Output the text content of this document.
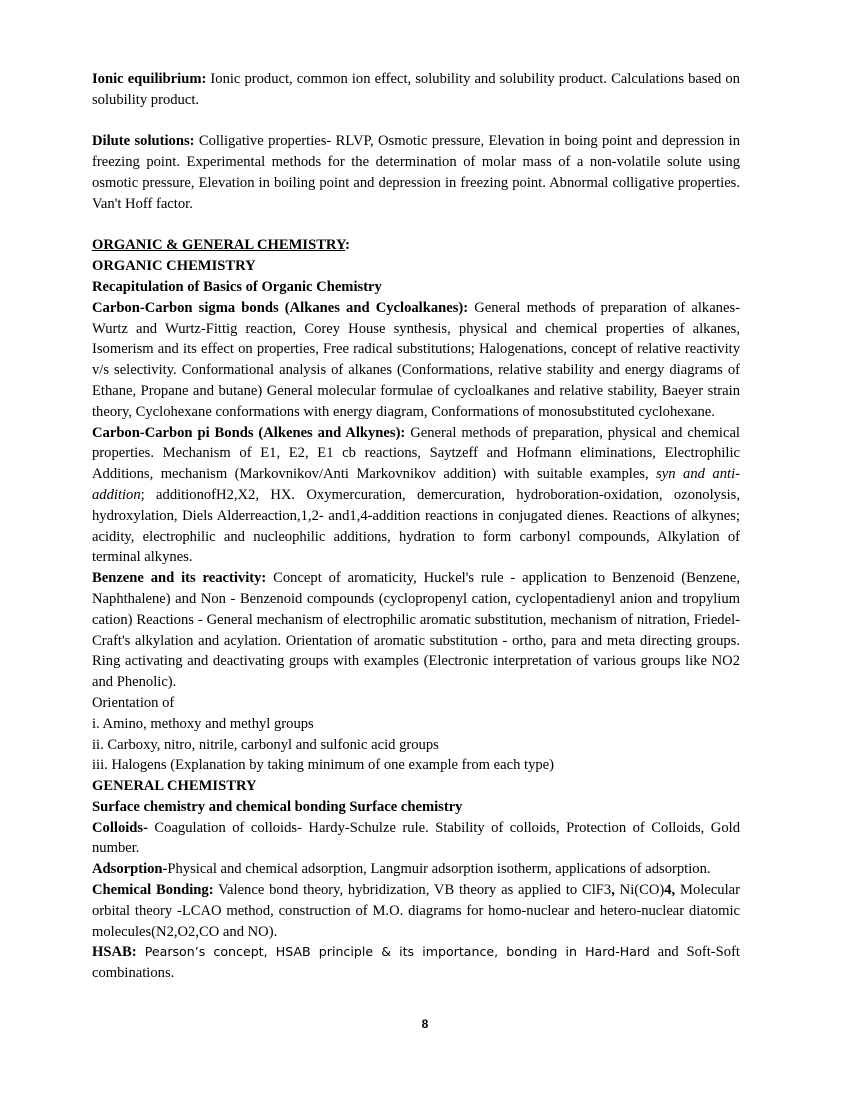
Ionic equilibrium: Ionic product, common ion effect, solubility and solubility product. Calculations based on solubility product.

Dilute solutions: Colligative properties- RLVP, Osmotic pressure, Elevation in boing point and depression in freezing point. Experimental methods for the determination of molar mass of a non-volatile solute using osmotic pressure, Elevation in boiling point and depression in freezing point. Abnormal colligative properties. Van't Hoff factor.

ORGANIC & GENERAL CHEMISTRY:

ORGANIC CHEMISTRY

Recapitulation of Basics of Organic Chemistry

Carbon-Carbon sigma bonds (Alkanes and Cycloalkanes): General methods of preparation of alkanes- Wurtz and Wurtz-Fittig reaction, Corey House synthesis, physical and chemical properties of alkanes, Isomerism and its effect on properties, Free radical substitutions; Halogenations, concept of relative reactivity v/s selectivity. Conformational analysis of alkanes (Conformations, relative stability and energy diagrams of Ethane, Propane and butane) General molecular formulae of cycloalkanes and relative stability, Baeyer strain theory, Cyclohexane conformations with energy diagram, Conformations of monosubstituted cyclohexane.

Carbon-Carbon pi Bonds (Alkenes and Alkynes): General methods of preparation, physical and chemical properties. Mechanism of E1, E2, E1 cb reactions, Saytzeff and Hofmann eliminations, Electrophilic Additions, mechanism (Markovnikov/Anti Markovnikov addition) with suitable examples, syn and anti-addition; additionofH2,X2, HX. Oxymercuration, demercuration, hydroboration-oxidation, ozonolysis, hydroxylation, Diels Alderreaction,1,2- and1,4-addition reactions in conjugated dienes. Reactions of alkynes; acidity, electrophilic and nucleophilic additions, hydration to form carbonyl compounds, Alkylation of terminal alkynes.

Benzene and its reactivity: Concept of aromaticity, Huckel's rule - application to Benzenoid (Benzene, Naphthalene) and Non - Benzenoid compounds (cyclopropenyl cation, cyclopentadienyl anion and tropylium cation) Reactions - General mechanism of electrophilic aromatic substitution, mechanism of nitration, Friedel- Craft's alkylation and acylation. Orientation of aromatic substitution - ortho, para and meta directing groups. Ring activating and deactivating groups with examples (Electronic interpretation of various groups like NO2 and Phenolic).

Orientation of

i. Amino, methoxy and methyl groups

ii. Carboxy, nitro, nitrile, carbonyl and sulfonic acid groups

iii. Halogens (Explanation by taking minimum of one example from each type)

GENERAL CHEMISTRY

Surface chemistry and chemical bonding Surface chemistry

Colloids- Coagulation of colloids- Hardy-Schulze rule. Stability of colloids, Protection of Colloids, Gold number.

Adsorption-Physical and chemical adsorption, Langmuir adsorption isotherm, applications of adsorption.

Chemical Bonding: Valence bond theory, hybridization, VB theory as applied to ClF3, Ni(CO)4, Molecular orbital theory -LCAO method, construction of M.O. diagrams for homo-nuclear and hetero-nuclear diatomic molecules(N2,O2,CO and NO).

HSAB: Pearson’s concept, HSAB principle & its importance, bonding in Hard-Hard and Soft-Soft combinations.

8
